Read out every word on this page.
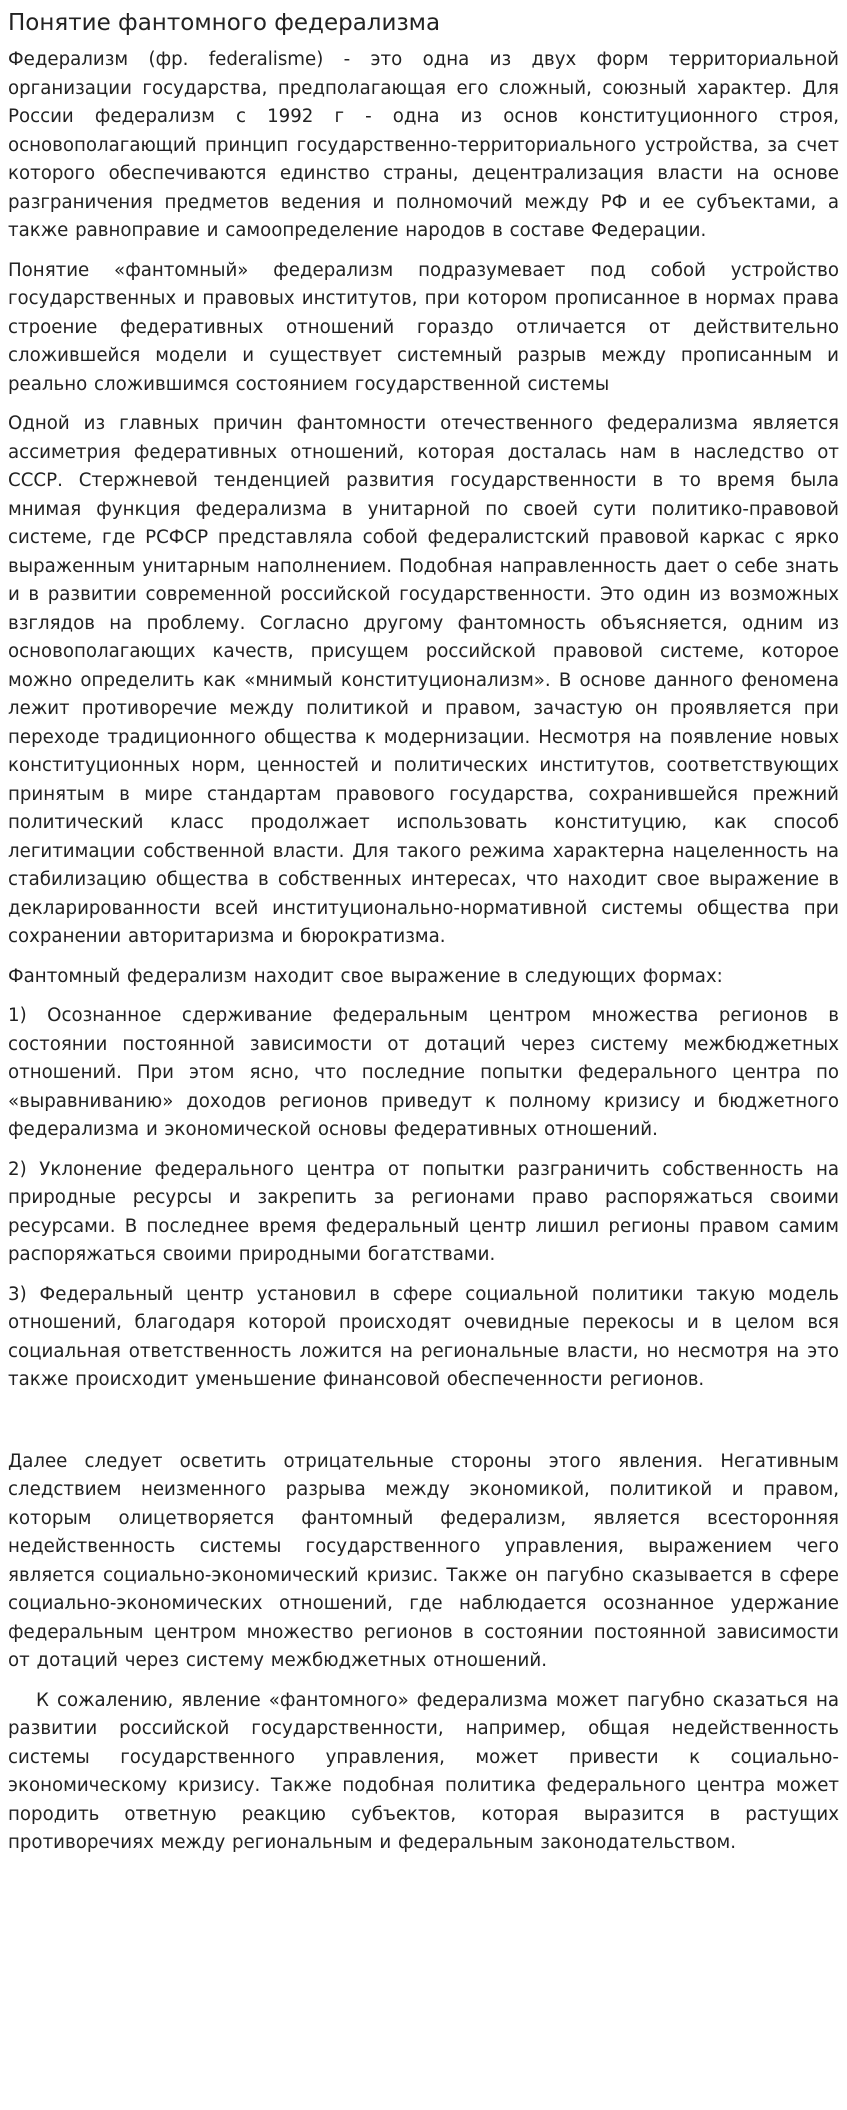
Понятие фантомного федерализма

Федерализм (фр. federalisme) - это одна из двух форм территориальной организации государства, предполагающая его сложный, союзный характер. Для России федерализм с 1992 г - одна из основ конституционного строя, основополагающий принцип государственно-территориального устройства, за счет которого обеспечиваются единство страны, децентрализация власти на основе разграничения предметов ведения и полномочий между РФ и ее субъектами, а также равноправие и самоопределение народов в составе Федерации.

Понятие «фантомный» федерализм подразумевает под собой устройство государственных и правовых институтов, при котором прописанное в нормах права строение федеративных отношений гораздо отличается от действительно сложившейся модели и существует системный разрыв между прописанным и реально сложившимся состоянием государственной системы

Одной из главных причин фантомности отечественного федерализма является ассиметрия федеративных отношений, которая досталась нам в наследство от СССР. Стержневой тенденцией развития государственности в то время была мнимая функция федерализма в унитарной по своей сути политико-правовой системе, где РСФСР представляла собой федералистский правовой каркас с ярко выраженным унитарным наполнением. Подобная направленность дает о себе знать и в развитии современной российской государственности. Это один из возможных взглядов на проблему. Согласно другому фантомность объясняется, одним из основополагающих качеств, присущем российской правовой системе, которое можно определить как «мнимый конституционализм». В основе данного феномена лежит противоречие между политикой и правом, зачастую он проявляется при переходе традиционного общества к модернизации. Несмотря на появление новых конституционных норм, ценностей и политических институтов, соответствующих принятым в мире стандартам правового государства, сохранившейся прежний политический класс продолжает использовать конституцию, как способ легитимации собственной власти. Для такого режима характерна нацеленность на стабилизацию общества в собственных интересах, что находит свое выражение в декларированности всей институционально-нормативной системы общества при сохранении авторитаризма и бюрократизма.

Фантомный федерализм находит свое выражение в следующих формах:

1) Осознанное сдерживание федеральным центром множества регионов в состоянии постоянной зависимости от дотаций через систему межбюджетных отношений. При этом ясно, что последние попытки федерального центра по «выравниванию» доходов регионов приведут к полному кризису и бюджетного федерализма и экономической основы федеративных отношений.

2) Уклонение федерального центра от попытки разграничить собственность на природные ресурсы и закрепить за регионами право распоряжаться своими ресурсами. В последнее время федеральный центр лишил регионы правом самим распоряжаться своими природными богатствами.

3) Федеральный центр установил в сфере социальной политики такую модель отношений, благодаря которой происходят очевидные перекосы и в целом вся социальная ответственность ложится на региональные власти, но несмотря на это также происходит уменьшение финансовой обеспеченности регионов.

Далее следует осветить отрицательные стороны этого явления. Негативным следствием неизменного разрыва между экономикой, политикой и правом, которым олицетворяется фантомный федерализм, является всесторонняя недейственность системы государственного управления, выражением чего является социально-экономический кризис. Также он пагубно сказывается в сфере социально-экономических отношений, где наблюдается осознанное удержание федеральным центром множество регионов в состоянии постоянной зависимости от дотаций через систему межбюджетных отношений.

К сожалению, явление «фантомного» федерализма может пагубно сказаться на развитии российской государственности, например, общая недейственность системы государственного управления, может привести к социально-экономическому кризису. Также подобная политика федерального центра может породить ответную реакцию субъектов, которая выразится в растущих противоречиях между региональным и федеральным законодательством.
